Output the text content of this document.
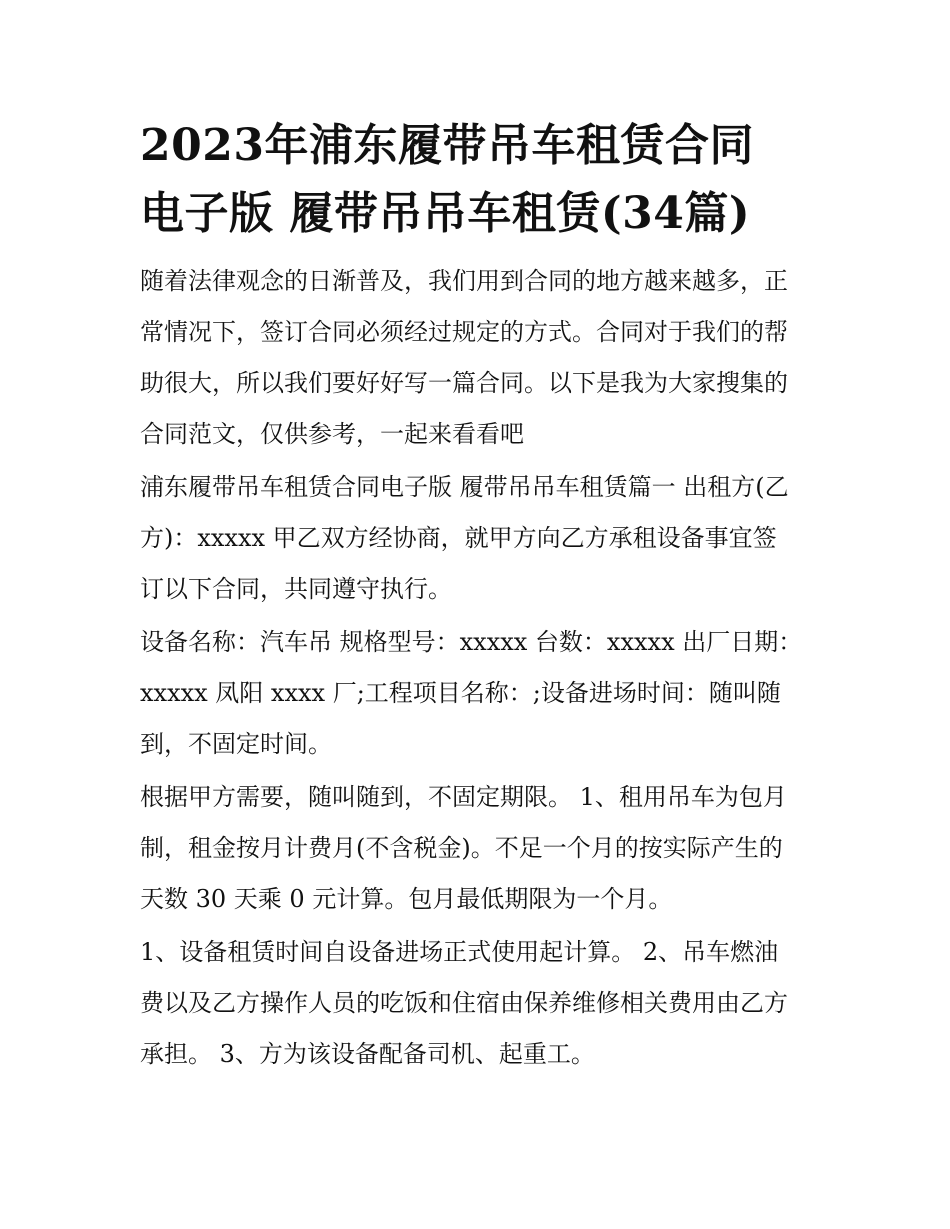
2023年浦东履带吊车租赁合同
电子版 履带吊吊车租赁(34篇)

随着法律观念的日渐普及，我们用到合同的地方越来越多，正
常情况下，签订合同必须经过规定的方式。合同对于我们的帮
助很大，所以我们要好好写一篇合同。以下是我为大家搜集的
合同范文，仅供参考，一起来看看吧

浦东履带吊车租赁合同电子版 履带吊吊车租赁篇一 出租方(乙
方)：xxxxx 甲乙双方经协商，就甲方向乙方承租设备事宜签
订以下合同，共同遵守执行。

设备名称：汽车吊 规格型号：xxxxx 台数：xxxxx 出厂日期：
xxxxx 凤阳 xxxx 厂;工程项目名称：;设备进场时间：随叫随
到，不固定时间。

根据甲方需要，随叫随到，不固定期限。 1、租用吊车为包月
制，租金按月计费月(不含税金)。不足一个月的按实际产生的
天数 30 天乘 0 元计算。包月最低期限为一个月。

1、设备租赁时间自设备进场正式使用起计算。 2、吊车燃油
费以及乙方操作人员的吃饭和住宿由保养维修相关费用由乙方
承担。 3、方为该设备配备司机、起重工。
